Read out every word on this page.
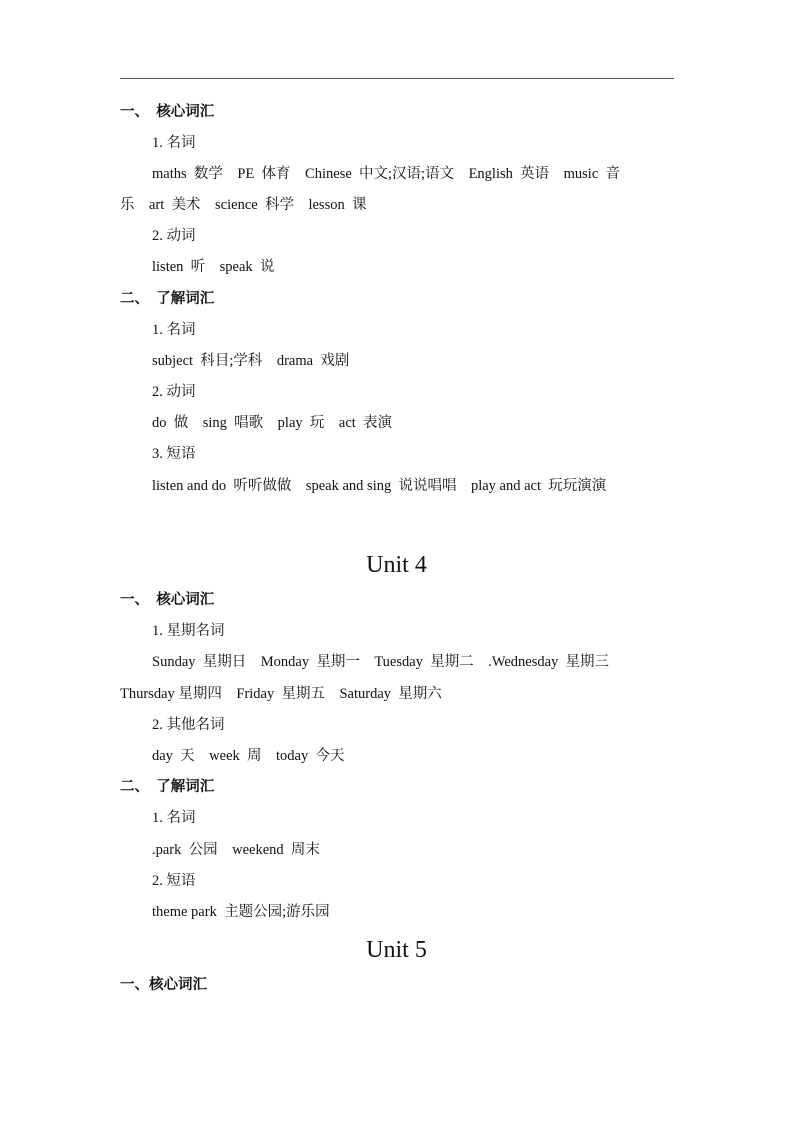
一、  核心词汇
1. 名词
maths  数学    PE  体育    Chinese  中文;汉语;语文    English  英语    music  音
乐    art  美术    science  科学    lesson  课
2. 动词
listen  听    speak  说
二、  了解词汇
1. 名词
subject  科目;学科    drama  戏剧
2. 动词
do  做    sing  唱歌    play  玩    act  表演
3. 短语
listen and do  听听做做    speak and sing  说说唱唱    play and act  玩玩演演
Unit 4
一、  核心词汇
1. 星期名词
Sunday  星期日    Monday  星期一    Tuesday  星期二    .Wednesday  星期三
Thursday 星期四    Friday  星期五    Saturday  星期六
2. 其他名词
day  天    week  周    today  今天
二、  了解词汇
1. 名词
.park  公园    weekend  周末
2. 短语
theme park  主题公园;游乐园
Unit 5
一、核心词汇
